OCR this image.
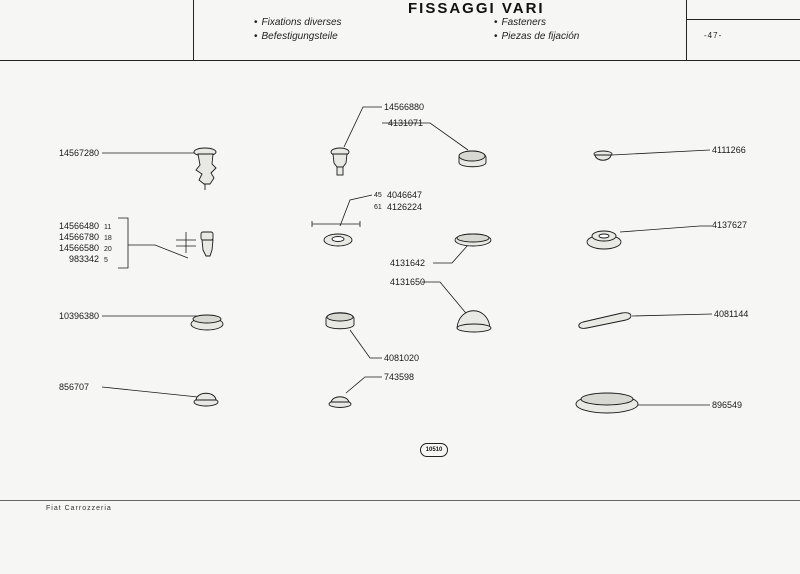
FISSAGGI VARI
• Fixations diverses
• Befestigungsteile
• Fasteners
• Piezas de fijación	-47-
14567280
14566880
4131071
4111266
45 4046647
61 4126224
14566480 11
14566780 18
14566580 20
983342 5
4137627
4131642
4131650
10396380	4081144
4081020
743598
856707
896549
10510
Fiat Carrozzeria
